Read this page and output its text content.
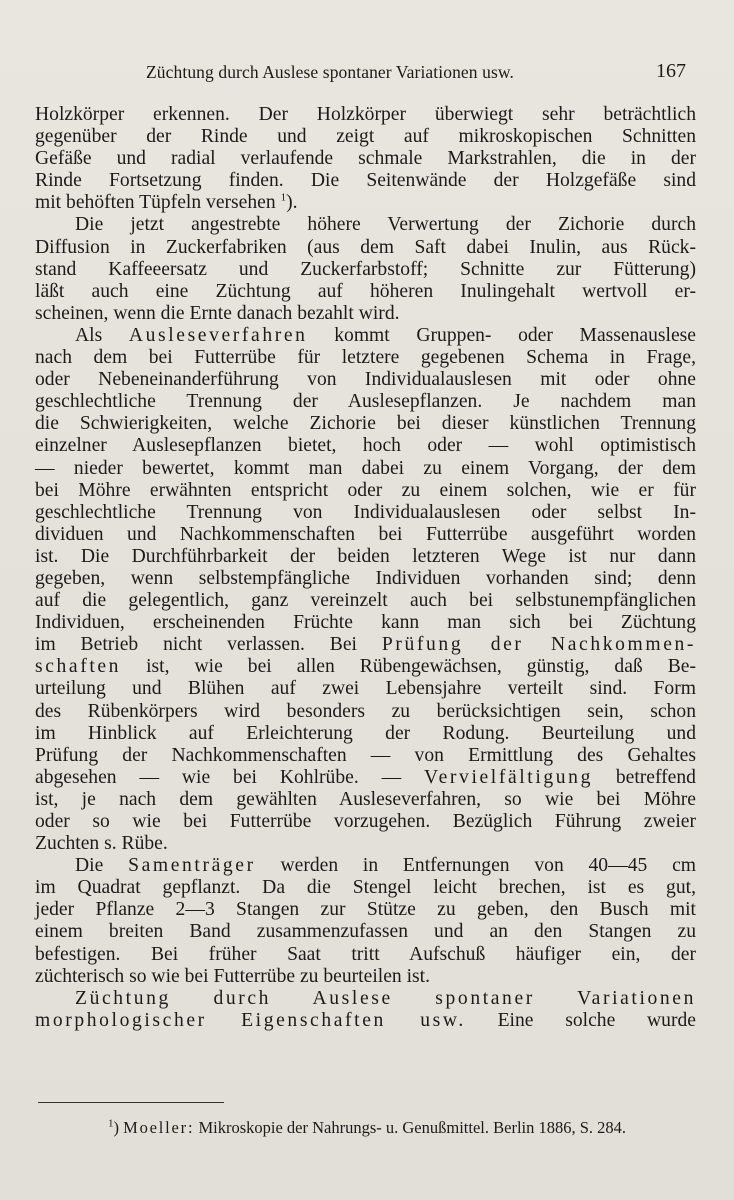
Züchtung durch Auslese spontaner Variationen usw.	167
Holzkörper erkennen. Der Holzkörper überwiegt sehr beträchtlich
gegenüber der Rinde und zeigt auf mikroskopischen Schnitten
Gefäße und radial verlaufende schmale Markstrahlen, die in der
Rinde Fortsetzung finden. Die Seitenwände der Holzgefäße sind
mit behöften Tüpfeln versehen $^1$).
Die jetzt angestrebte höhere Verwertung der Zichorie durch
Diffusion in Zuckerfabriken (aus dem Saft dabei Inulin, aus Rück-
stand Kaffeeersatz und Zuckerfarbstoff; Schnitte zur Fütterung)
läßt auch eine Züchtung auf höheren Inulingehalt wertvoll er-
scheinen, wenn die Ernte danach bezahlt wird.
Als Ausleseverfahren kommt Gruppen- oder Massenauslese
nach dem bei Futterrübe für letztere gegebenen Schema in Frage,
oder Nebeneinanderführung von Individualauslesen mit oder ohne
geschlechtliche Trennung der Auslesepflanzen. Je nachdem man
die Schwierigkeiten, welche Zichorie bei dieser künstlichen Trennung
einzelner Auslesepflanzen bietet, hoch oder — wohl optimistisch
— nieder bewertet, kommt man dabei zu einem Vorgang, der dem
bei Möhre erwähnten entspricht oder zu einem solchen, wie er für
geschlechtliche Trennung von Individualauslesen oder selbst In-
dividuen und Nachkommenschaften bei Futterrübe ausgeführt worden
ist. Die Durchführbarkeit der beiden letzteren Wege ist nur dann
gegeben, wenn selbstempfängliche Individuen vorhanden sind; denn
auf die gelegentlich, ganz vereinzelt auch bei selbstunempfänglichen
Individuen, erscheinenden Früchte kann man sich bei Züchtung
im Betrieb nicht verlassen. Bei Prüfung der Nachkommen-
schaften ist, wie bei allen Rübengewächsen, günstig, daß Be-
urteilung und Blühen auf zwei Lebensjahre verteilt sind. Form
des Rübenkörpers wird besonders zu berücksichtigen sein, schon
im Hinblick auf Erleichterung der Rodung. Beurteilung und
Prüfung der Nachkommenschaften — von Ermittlung des Gehaltes
abgesehen — wie bei Kohlrübe. — Vervielfältigung betreffend
ist, je nach dem gewählten Ausleseverfahren, so wie bei Möhre
oder so wie bei Futterrübe vorzugehen. Bezüglich Führung zweier
Zuchten s. Rübe.
Die Samenträger werden in Entfernungen von 40—45 cm
im Quadrat gepflanzt. Da die Stengel leicht brechen, ist es gut,
jeder Pflanze 2—3 Stangen zur Stütze zu geben, den Busch mit
einem breiten Band zusammenzufassen und an den Stangen zu
befestigen. Bei früher Saat tritt Aufschuß häufiger ein, der
züchterisch so wie bei Futterrübe zu beurteilen ist.
Züchtung durch Auslese spontaner Variationen
morphologischer Eigenschaften usw. Eine solche wurde
$^1$) Moeller: Mikroskopie der Nahrungs- u. Genußmittel. Berlin 1886, S. 284.
